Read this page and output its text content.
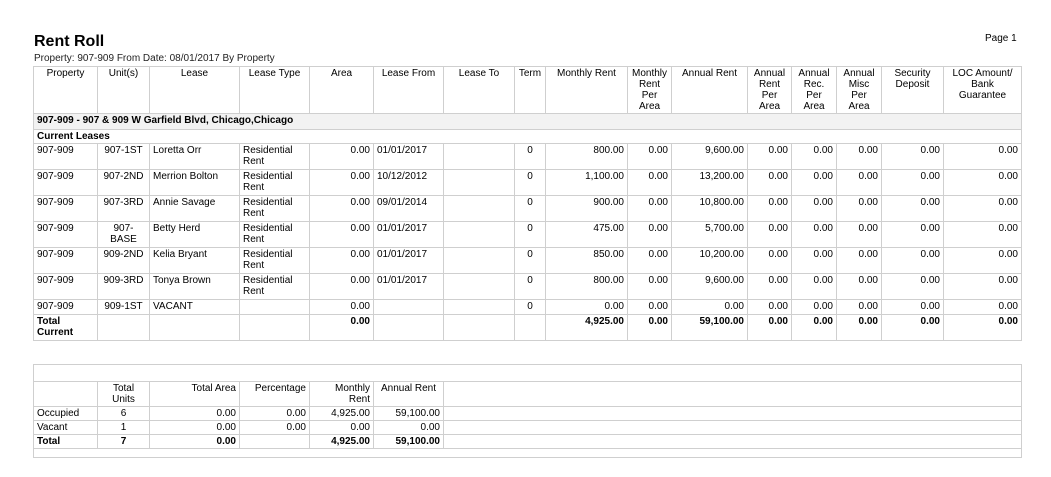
Rent Roll	Page 1
Property: 907-909 From Date: 08/01/2017 By Property
Property	Unit(s)	Lease	Lease Type	Area	Lease From	Lease To	Term	Monthly Rent	Monthly Rent Per Area	Annual Rent	Annual Rent Per Area	Annual Rec. Per Area	Annual Misc Per Area	Security Deposit	LOC Amount/ Bank Guarantee
907-909 - 907 & 909 W Garfield Blvd, Chicago,Chicago															
Current Leases															
907-909	907-1ST	Loretta Orr	Residential Rent	0.00	01/01/2017		0	800.00	0.00	9,600.00	0.00	0.00	0.00	0.00	0.00
907-909	907-2ND	Merrion Bolton	Residential Rent	0.00	10/12/2012		0	1,100.00	0.00	13,200.00	0.00	0.00	0.00	0.00	0.00
907-909	907-3RD	Annie Savage	Residential Rent	0.00	09/01/2014		0	900.00	0.00	10,800.00	0.00	0.00	0.00	0.00	0.00
907-909	907-BASE	Betty Herd	Residential Rent	0.00	01/01/2017		0	475.00	0.00	5,700.00	0.00	0.00	0.00	0.00	0.00
907-909	909-2ND	Kelia Bryant	Residential Rent	0.00	01/01/2017		0	850.00	0.00	10,200.00	0.00	0.00	0.00	0.00	0.00
907-909	909-3RD	Tonya Brown	Residential Rent	0.00	01/01/2017		0	800.00	0.00	9,600.00	0.00	0.00	0.00	0.00	0.00
907-909	909-1ST	VACANT		0.00			0	0.00	0.00	0.00	0.00	0.00	0.00	0.00	0.00
Total Current				0.00				4,925.00	0.00	59,100.00	0.00	0.00	0.00	0.00	0.00

	Total Units	Total Area	Percentage	Monthly Rent	Annual Rent	
Occupied	6	0.00	0.00	4,925.00	59,100.00	
Vacant	1	0.00	0.00	0.00	0.00	
Total	7	0.00		4,925.00	59,100.00	
